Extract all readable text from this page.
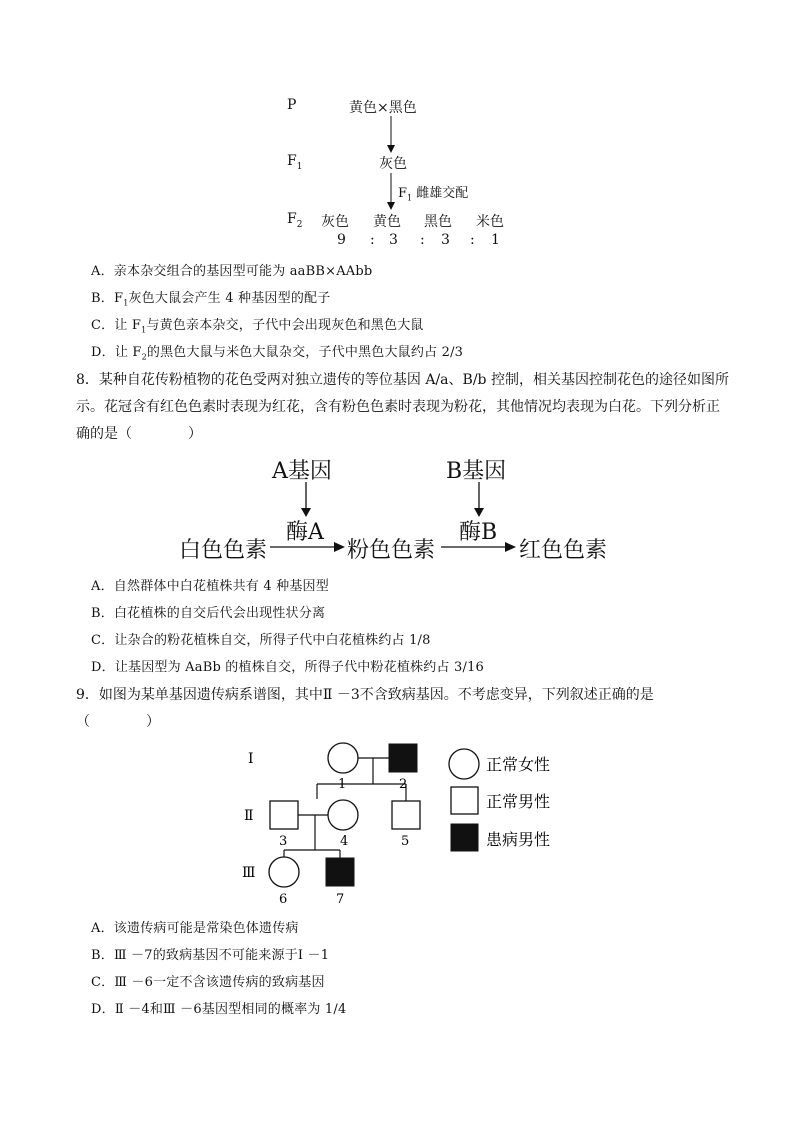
P	黄色×黑色
$F_1$	灰色
$F_1$ 雌雄交配
$F_2$ 灰色 黄色 黑色 米色
9 : 3 : 3 : 1
A．亲本杂交组合的基因型可能为 aaBB×AAbb
B．$F_1$灰色大鼠会产生 4 种基因型的配子
C．让 $F_1$与黄色亲本杂交，子代中会出现灰色和黑色大鼠
D．让 $F_2$的黑色大鼠与米色大鼠杂交，子代中黑色大鼠约占 2/3
8．某种自花传粉植物的花色受两对独立遗传的等位基因 A/a、B/b 控制，相关基因控制花色的途径如图所
示。花冠含有红色色素时表现为红花，含有粉色色素时表现为粉花，其他情况均表现为白花。下列分析正
确的是（　　　　）
A基因	B基因
酶A	酶B
白色色素	粉色色素	红色色素
A．自然群体中白花植株共有 4 种基因型
B．白花植株的自交后代会出现性状分离
C．让杂合的粉花植株自交，所得子代中白花植株约占 1/8
D．让基因型为 AaBb 的植株自交，所得子代中粉花植株约占 3/16
9．如图为某单基因遗传病系谱图，其中Ⅱ －3不含致病基因。不考虑变异，下列叙述正确的是
（　　　　）
Ⅰ
Ⅱ
Ⅲ
1	2
3	4	5
6	7
正常女性
正常男性
患病男性
A．该遗传病可能是常染色体遗传病
B．Ⅲ －7的致病基因不可能来源于Ⅰ －1
C．Ⅲ －6一定不含该遗传病的致病基因
D．Ⅱ －4和Ⅲ －6基因型相同的概率为 1/4
